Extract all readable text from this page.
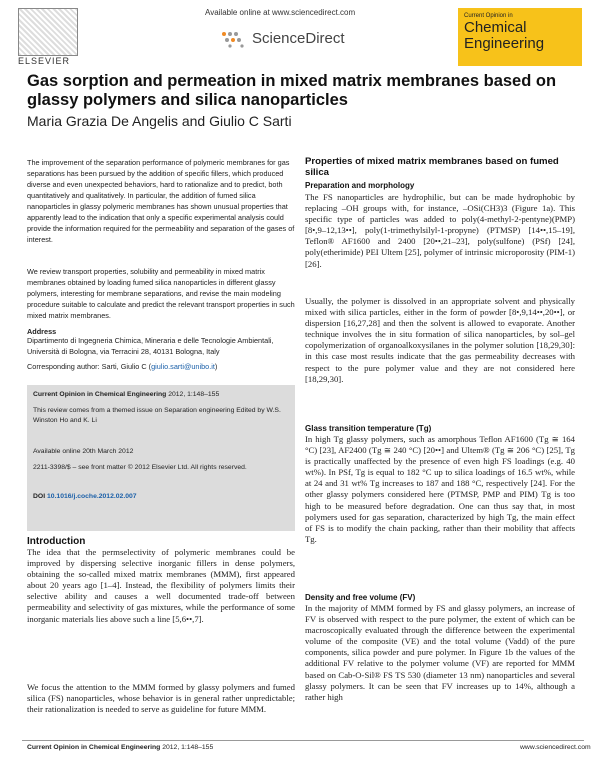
ELSEVIER
Available online at www.sciencedirect.com
ScienceDirect
Current Opinion in
Chemical
Engineering
Gas sorption and permeation in mixed matrix membranes based on glassy polymers and silica nanoparticles
Maria Grazia De Angelis and Giulio C Sarti
The improvement of the separation performance of polymeric membranes for gas separations has been pursued by the addition of specific fillers, which produced diverse and even unexpected behaviors, hard to rationalize and to predict, both quantitatively and qualitatively. In particular, the addition of fumed silica nanoparticles in glassy polymeric membranes has shown unusual properties that apparently lead to the indication that only a specific experimental analysis could provide the information required for the permeability and separation of the gases of interest.
We review transport properties, solubility and permeability in mixed matrix membranes obtained by loading fumed silica nanoparticles in different glassy polymers, interesting for membrane separations, and revise the main modeling procedure suitable to calculate and predict the relevant transport properties in such mixed matrix membranes.
Address
Dipartimento di Ingegneria Chimica, Mineraria e delle Tecnologie Ambientali, Università di Bologna, via Terracini 28, 40131 Bologna, Italy
Corresponding author: Sarti, Giulio C (giulio.sarti@unibo.it)
Current Opinion in Chemical Engineering 2012, 1:148–155
This review comes from a themed issue on Separation engineering Edited by W.S. Winston Ho and K. Li
Available online 20th March 2012
2211-3398/$ – see front matter © 2012 Elsevier Ltd. All rights reserved.
DOI 10.1016/j.coche.2012.02.007
Introduction
The idea that the permselectivity of polymeric membranes could be improved by dispersing selective inorganic fillers in dense polymers, obtaining the so-called mixed matrix membranes (MMM), first appeared about 20 years ago [1–4]. Instead, the flexibility of polymers limits their selective ability and causes a well documented trade-off between permeability and selectivity of gas mixtures, while the performance of some inorganic materials lies above such a line [5,6••,7].
We focus the attention to the MMM formed by glassy polymers and fumed silica (FS) nanoparticles, whose behavior is in general rather unpredictable; their rationalization is needed to serve as guideline for future MMM.
Properties of mixed matrix membranes based on fumed silica
Preparation and morphology
The FS nanoparticles are hydrophilic, but can be made hydrophobic by replacing –OH groups with, for instance, –OSi(CH3)3 (Figure 1a). This specific type of particles was added to poly(4-methyl-2-pentyne)(PMP) [8•,9–12,13••], poly(1-trimethylsilyl-1-propyne) (PTMSP) [14••,15–19], Teflon® AF1600 and 2400 [20••,21–23], poly(sulfone) (PSf) [24], poly(etherimide) PEI Ultem [25], polymer of intrinsic microporosity (PIM-1) [26].
Usually, the polymer is dissolved in an appropriate solvent and physically mixed with silica particles, either in the form of powder [8•,9,14••,20••], or dispersion [16,27,28] and then the solvent is allowed to evaporate. Another technique involves the in situ formation of silica nanoparticles, by sol–gel copolymerization of organoalkoxysilanes in the polymer solution [18,29,30]: in this case most results indicate that the gas permeability decreases with respect to the pure polymer value and they are not considered here [18,29,30].
Glass transition temperature (Tg)
In high Tg glassy polymers, such as amorphous Teflon AF1600 (Tg ≅ 164 °C) [23], AF2400 (Tg ≅ 240 °C) [20••] and Ultem® (Tg ≅ 206 °C) [25], Tg is practically unaffected by the presence of even high FS loadings (e.g. 40 wt%). In PSf, Tg is equal to 182 °C up to silica loadings of 16.5 wt%, while at 24 and 31 wt% Tg increases to 187 and 188 °C, respectively [24]. For the other glassy polymers considered here (PTMSP, PMP and PIM) Tg is too high to be measured before degradation. One can thus say that, in most polymers used for gas separation, characterized by high Tg, the main effect of FS is to modify the chain packing, rather than their mobility that affects Tg.
Density and free volume (FV)
In the majority of MMM formed by FS and glassy polymers, an increase of FV is observed with respect to the pure polymer, the extent of which can be macroscopically evaluated through the difference between the experimental volume of the composite (VE) and the total volume (Vadd) of the pure components, silica powder and pure polymer. In Figure 1b the values of the additional FV relative to the polymer volume (VF) are reported for MMM based on Cab-O-Sil® FS TS 530 (diameter 13 nm) nanoparticles and several glassy polymers. It can be seen that FV increases up to 14%, although a rather high
Current Opinion in Chemical Engineering 2012, 1:148–155	www.sciencedirect.com
